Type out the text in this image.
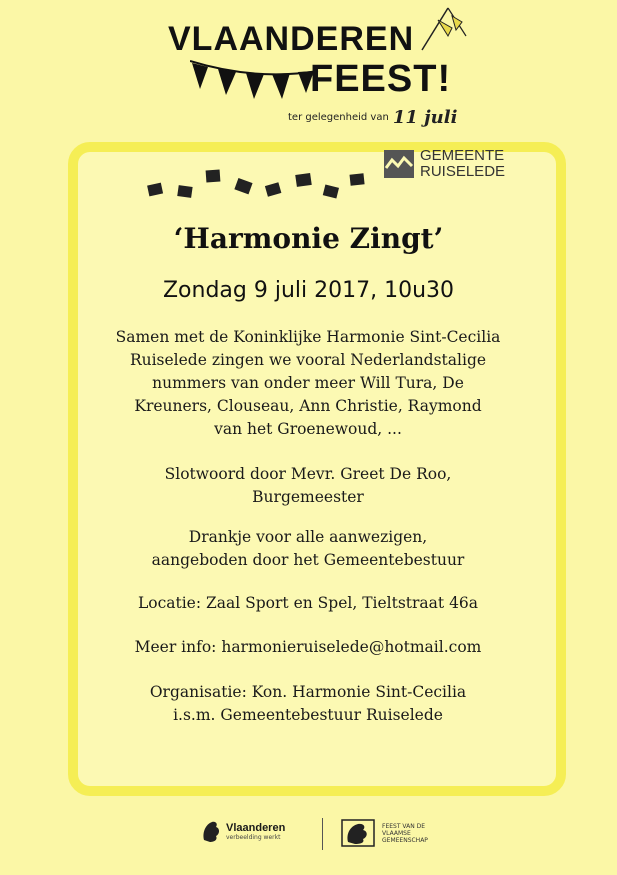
VLAANDEREN
FEEST!
ter gelegenheid van 11 juli
GEMEENTE
RUISELEDE
‘Harmonie Zingt’
Zondag 9 juli 2017, 10u30
Samen met de Koninklijke Harmonie Sint-Cecilia
Ruiselede zingen we vooral Nederlandstalige
nummers van onder meer Will Tura, De
Kreuners, Clouseau, Ann Christie, Raymond
van het Groenewoud, ...
Slotwoord door Mevr. Greet De Roo,
Burgemeester
Drankje voor alle aanwezigen,
aangeboden door het Gemeentebestuur
Locatie: Zaal Sport en Spel, Tieltstraat 46a
Meer info: harmonieruiselede@hotmail.com
Organisatie: Kon. Harmonie Sint-Cecilia
i.s.m. Gemeentebestuur Ruiselede
Vlaanderen
verbeelding werkt
FEEST VAN DE
VLAAMSE
GEMEENSCHAP
